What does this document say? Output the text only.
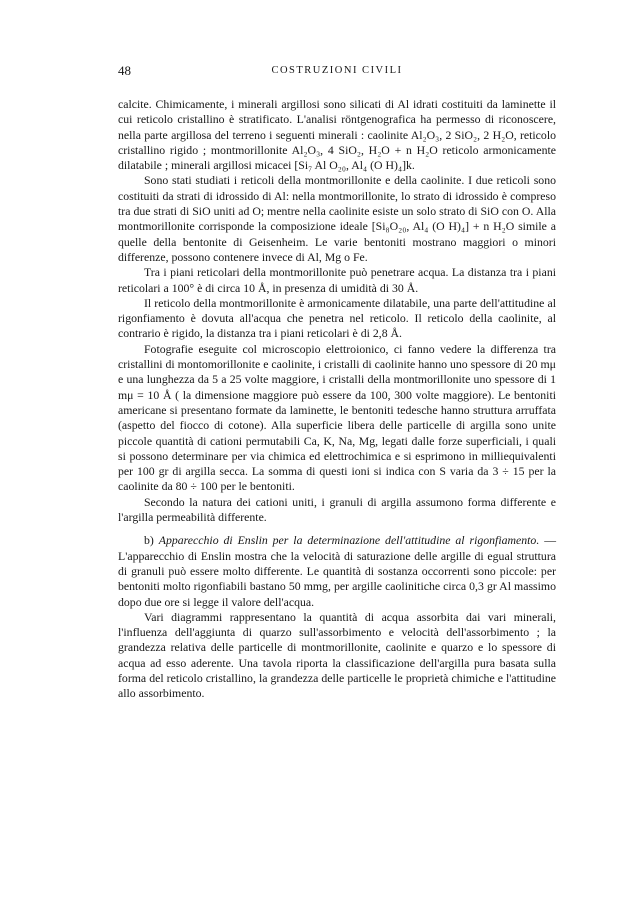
48	COSTRUZIONI CIVILI

calcite. Chimicamente, i minerali argillosi sono silicati di Al idrati costituiti da laminette il cui reticolo cristallino è stratificato. L'analisi röntgenografica ha permesso di riconoscere, nella parte argillosa del terreno i seguenti minerali : caolinite Al₂O₃, 2 SiO₂, 2 H₂O, reticolo cristallino rigido ; montmorillonite Al₂O₃, 4 SiO₂, H₂O + n H₂O reticolo armonicamente dilatabile ; minerali argillosi micacei [Si₇ Al O₂₀, Al₄ (O H)₄]k.

Sono stati studiati i reticoli della montmorillonite e della caolinite. I due reticoli sono costituiti da strati di idrossido di Al: nella montmorillonite, lo strato di idrossido è compreso tra due strati di SiO uniti ad O; mentre nella caolinite esiste un solo strato di SiO con O. Alla montmorillonite corrisponde la composizione ideale [Si₈O₂₀, Al₄ (O H)₄] + n H₂O simile a quelle della bentonite di Geisenheim. Le varie bentoniti mostrano maggiori o minori differenze, possono contenere invece di Al, Mg o Fe.

Tra i piani reticolari della montmorillonite può penetrare acqua. La distanza tra i piani reticolari a 100° è di circa 10 Å, in presenza di umidità di 30 Å.

Il reticolo della montmorillonite è armonicamente dilatabile, una parte dell'attitudine al rigonfiamento è dovuta all'acqua che penetra nel reticolo. Il reticolo della caolinite, al contrario è rigido, la distanza tra i piani reticolari è di 2,8 Å.

Fotografie eseguite col microscopio elettroionico, ci fanno vedere la differenza tra cristallini di montomorillonite e caolinite, i cristalli di caolinite hanno uno spessore di 20 mμ e una lunghezza da 5 a 25 volte maggiore, i cristalli della montmorillonite uno spessore di 1 mμ = 10 Å ( la dimensione maggiore può essere da 100, 300 volte maggiore). Le bentoniti americane si presentano formate da laminette, le bentoniti tedesche hanno struttura arruffata (aspetto del fiocco di cotone). Alla superficie libera delle particelle di argilla sono unite piccole quantità di cationi permutabili Ca, K, Na, Mg, legati dalle forze superficiali, i quali si possono determinare per via chimica ed elettrochimica e si esprimono in milliequivalenti per 100 gr di argilla secca. La somma di questi ioni si indica con S varia da 3 ÷ 15 per la caolinite da 80 ÷ 100 per le bentoniti.

Secondo la natura dei cationi uniti, i granuli di argilla assumono forma differente e l'argilla permeabilità differente.

b) Apparecchio di Enslin per la determinazione dell'attitudine al rigonfiamento. — L'apparecchio di Enslin mostra che la velocità di saturazione delle argille di egual struttura di granuli può essere molto differente. Le quantità di sostanza occorrenti sono piccole: per bentoniti molto rigonfiabili bastano 50 mmg, per argille caolinitiche circa 0,3 gr Al massimo dopo due ore si legge il valore dell'acqua.

Vari diagrammi rappresentano la quantità di acqua assorbita dai vari minerali, l'influenza dell'aggiunta di quarzo sull'assorbimento e velocità dell'assorbimento ; la grandezza relativa delle particelle di montmorillonite, caolinite e quarzo e lo spessore di acqua ad esso aderente. Una tavola riporta la classificazione dell'argilla pura basata sulla forma del reticolo cristallino, la grandezza delle particelle le proprietà chimiche e l'attitudine allo assorbimento.
